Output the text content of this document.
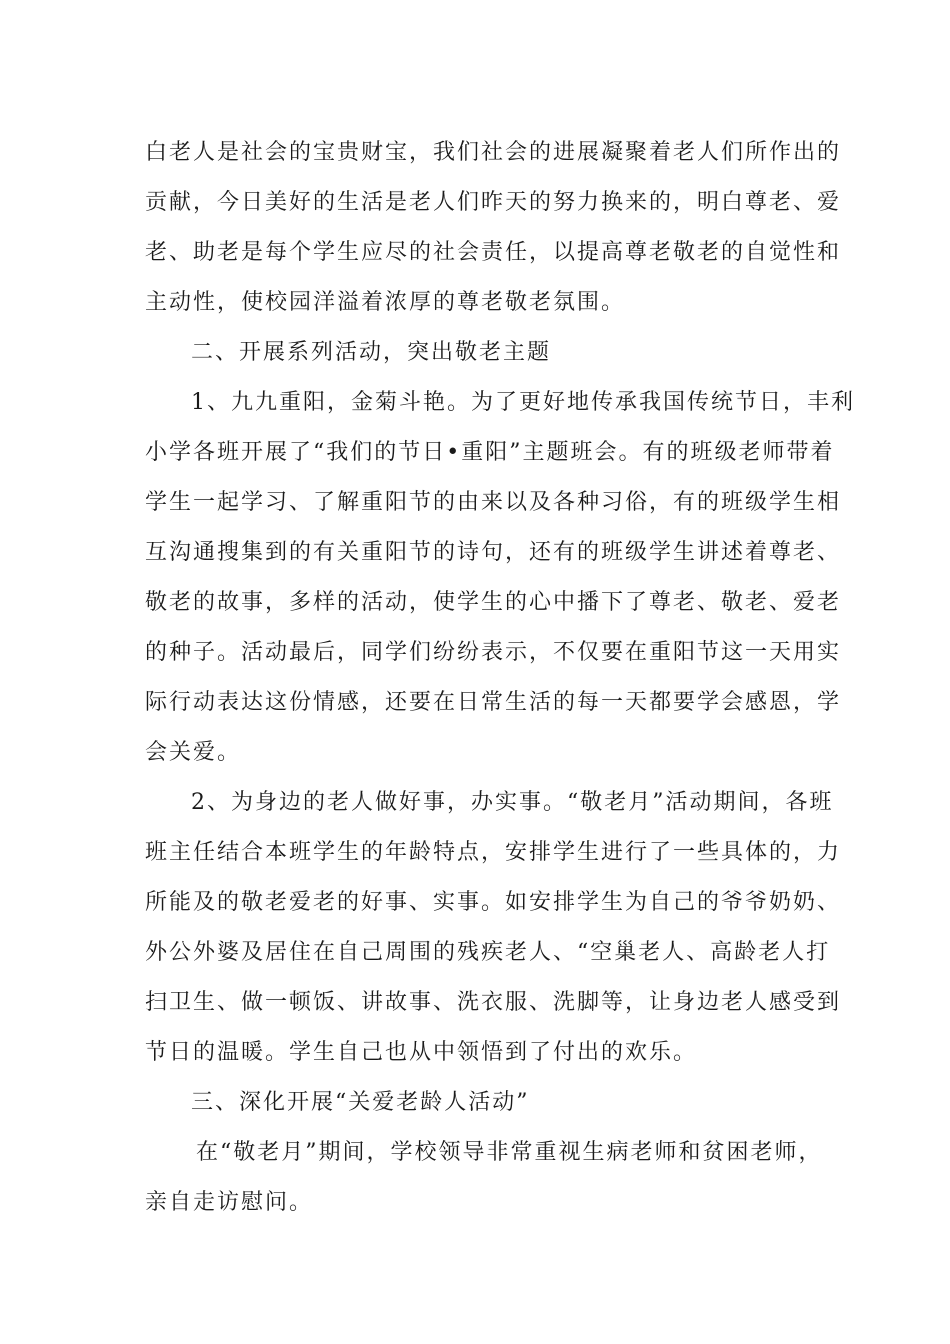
白老人是社会的宝贵财宝，我们社会的进展凝聚着老人们所作出的
贡献，今日美好的生活是老人们昨天的努力换来的，明白尊老、爱
老、助老是每个学生应尽的社会责任，以提高尊老敬老的自觉性和
主动性，使校园洋溢着浓厚的尊老敬老氛围。
二、开展系列活动，突出敬老主题
1、九九重阳，金菊斗艳。为了更好地传承我国传统节日，丰利
小学各班开展了“我们的节日•重阳”主题班会。有的班级老师带着
学生一起学习、了解重阳节的由来以及各种习俗，有的班级学生相
互沟通搜集到的有关重阳节的诗句，还有的班级学生讲述着尊老、
敬老的故事，多样的活动，使学生的心中播下了尊老、敬老、爱老
的种子。活动最后，同学们纷纷表示，不仅要在重阳节这一天用实
际行动表达这份情感，还要在日常生活的每一天都要学会感恩，学
会关爱。
2、为身边的老人做好事，办实事。“敬老月”活动期间，各班
班主任结合本班学生的年龄特点，安排学生进行了一些具体的，力
所能及的敬老爱老的好事、实事。如安排学生为自己的爷爷奶奶、
外公外婆及居住在自己周围的残疾老人、“空巢老人、高龄老人打
扫卫生、做一顿饭、讲故事、洗衣服、洗脚等，让身边老人感受到
节日的温暖。学生自己也从中领悟到了付出的欢乐。
三、深化开展“关爱老龄人活动”
在“敬老月”期间，学校领导非常重视生病老师和贫困老师，
亲自走访慰问。
